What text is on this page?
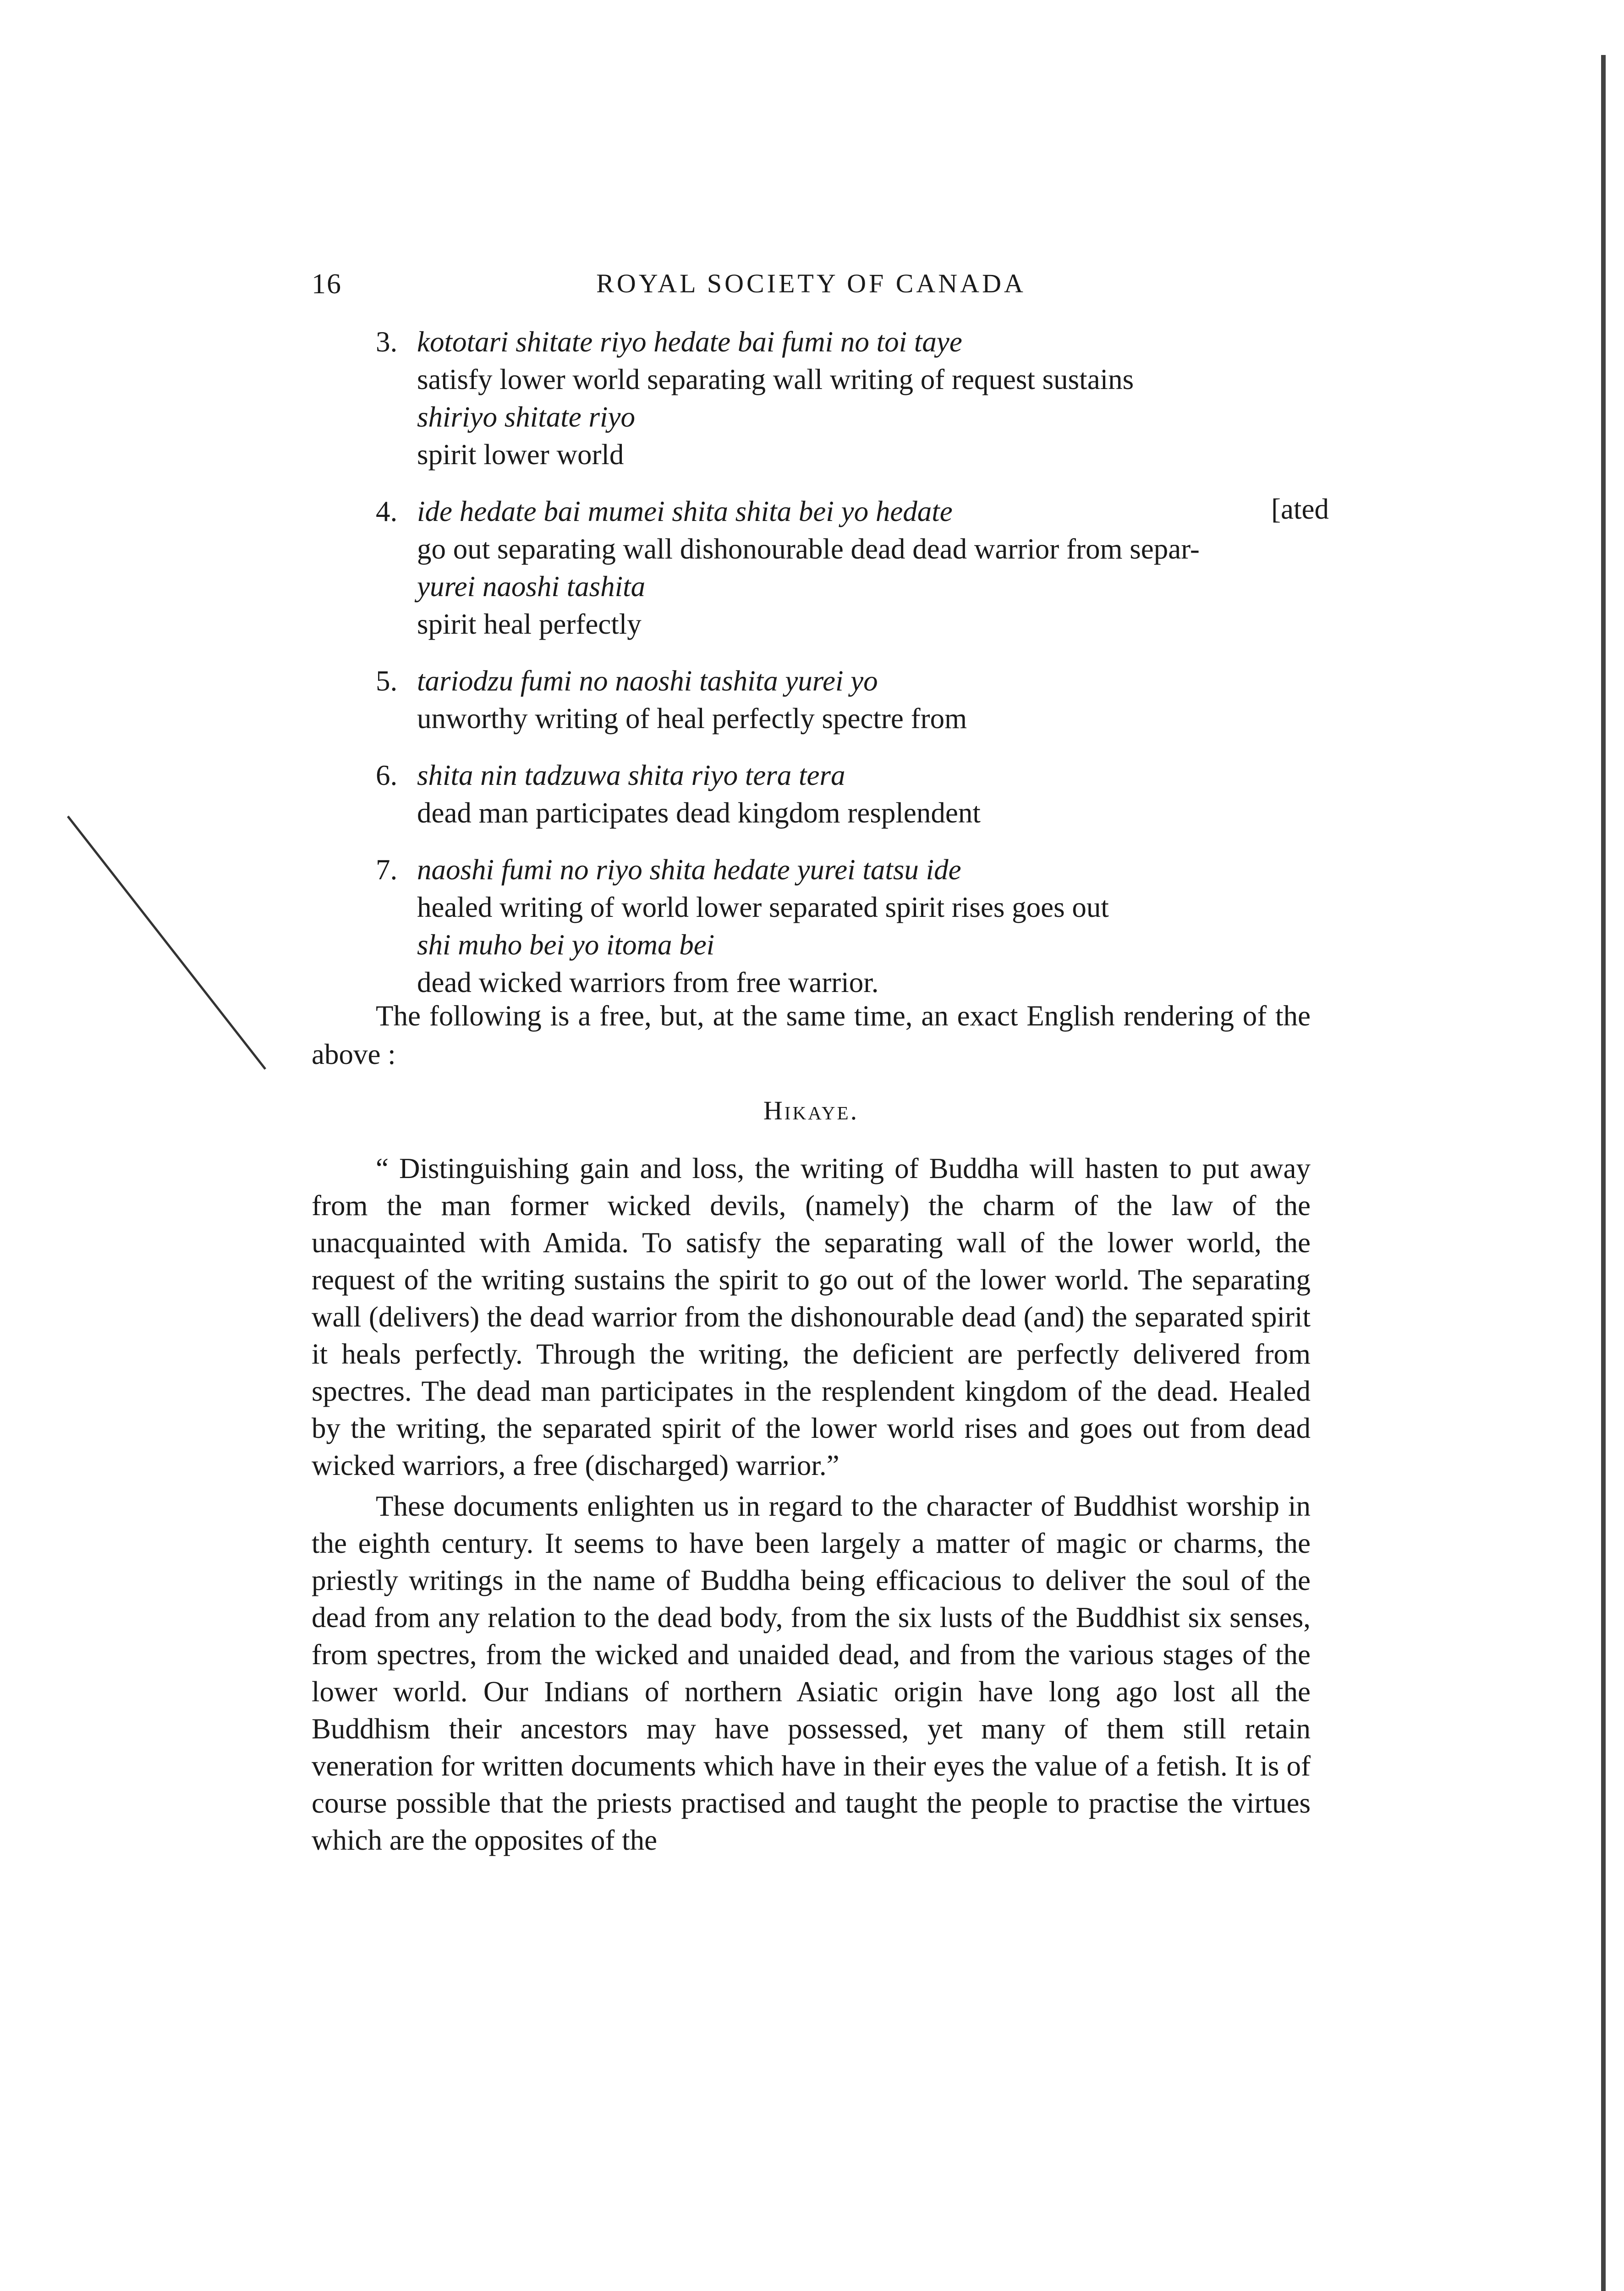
16	ROYAL SOCIETY OF CANADA
3. kototari shitate riyo hedate bai fumi no toi taye
satisfy lower world separating wall writing of request sustains
shiriyo shitate riyo
spirit lower world
4. ide hedate bai mumei shita shita bei yo hedate
go out separating wall dishonourable dead dead warrior from separ-
yurei naoshi tashita
spirit heal perfectly
[ated
5. tariodzu fumi no naoshi tashita yurei yo
unworthy writing of heal perfectly spectre from
6. shita nin tadzuwa shita riyo tera tera
dead man participates dead kingdom resplendent
7. naoshi fumi no riyo shita hedate yurei tatsu ide
healed writing of world lower separated spirit rises goes out
shi muho bei yo itoma bei
dead wicked warriors from free warrior.
The following is a free, but, at the same time, an exact English rendering of the above :
Hikaye.

“ Distinguishing gain and loss, the writing of Buddha will hasten to put away from the man former wicked devils, (namely) the charm of the law of the unacquainted with Amida. To satisfy the separating wall of the lower world, the request of the writing sustains the spirit to go out of the lower world. The separating wall (delivers) the dead warrior from the dishonourable dead (and) the separated spirit it heals perfectly. Through the writing, the deficient are perfectly delivered from spectres. The dead man participates in the resplendent kingdom of the dead. Healed by the writing, the separated spirit of the lower world rises and goes out from dead wicked warriors, a free (discharged) warrior.”

These documents enlighten us in regard to the character of Buddhist worship in the eighth century. It seems to have been largely a matter of magic or charms, the priestly writings in the name of Buddha being efficacious to deliver the soul of the dead from any relation to the dead body, from the six lusts of the Buddhist six senses, from spectres, from the wicked and unaided dead, and from the various stages of the lower world. Our Indians of northern Asiatic origin have long ago lost all the Buddhism their ancestors may have possessed, yet many of them still retain veneration for written documents which have in their eyes the value of a fetish. It is of course possible that the priests practised and taught the people to practise the virtues which are the opposites of the
